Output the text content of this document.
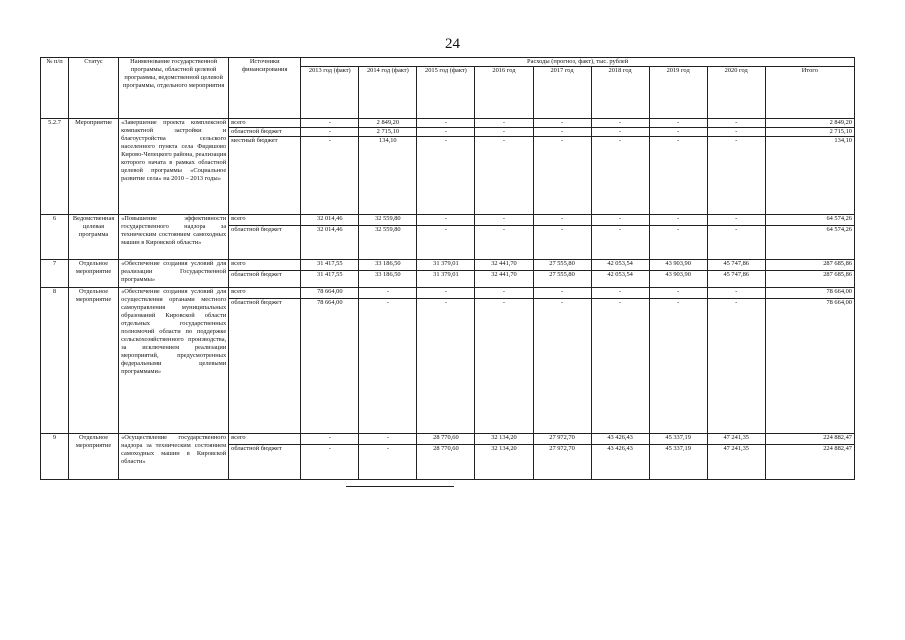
24
№ п/п	Статус	Наименование государственной программы, областной целевой программы, ведомственной целевой программы, отдельного мероприятия	Источники финансирования	Расходы (прогноз, факт), тыс. рублей								
				2013 год (факт)	2014 год (факт)	2015 год (факт)	2016 год	2017 год	2018 год	2019 год	2020 год	Итого
5.2.7	Мероприятие	«Завершение проекта комплексной компактной застройки и благоустройства сельского населенного пункта села Фидяшово Кирово-Чепецкого района, реализация которого начата в рамках областной целевой программы «Социальное развитие села» на 2010 – 2013 годы»	всего	-	2 849,20	-	-	-	-	-	-	2 849,20
			областной бюджет	-	2 715,10	-	-	-	-	-	-	2 715,10
			местный бюджет	-	134,10	-	-	-	-	-	-	134,10
6	Ведомственная целевая программа	«Повышение эффективности государственного надзора за техническим состоянием самоходных машин в Кировской области»	всего	32 014,46	32 559,80	-	-	-	-	-	-	64 574,26
			областной бюджет	32 014,46	32 559,80	-	-	-	-	-	-	64 574,26
7	Отдельное мероприятие	«Обеспечение создания условий для реализации Государственной программы»	всего	31 417,55	33 186,50	31 379,01	32 441,70	27 555,80	42 053,54	43 903,90	45 747,86	287 685,86
			областной бюджет	31 417,55	33 186,50	31 379,01	32 441,70	27 555,80	42 053,54	43 903,90	45 747,86	287 685,86
8	Отдельное мероприятие	«Обеспечение создания условий для осуществления органами местного самоуправления муниципальных образований Кировской области отдельных государственных полномочий области по поддержке сельскохозяйственного производства, за исключением реализации мероприятий, предусмотренных федеральными целевыми программами»	всего	78 664,00	-	-	-	-	-	-	-	78 664,00
			областной бюджет	78 664,00	-	-	-	-	-	-	-	78 664,00
9	Отдельное мероприятие	«Осуществление государственного надзора за техническим состоянием самоходных машин в Кировской области»	всего	-	-	28 770,60	32 134,20	27 972,70	43 426,43	45 337,19	47 241,35	224 882,47
			областной бюджет	-	-	28 770,60	32 134,20	27 972,70	43 426,43	45 337,19	47 241,35	224 882,47
